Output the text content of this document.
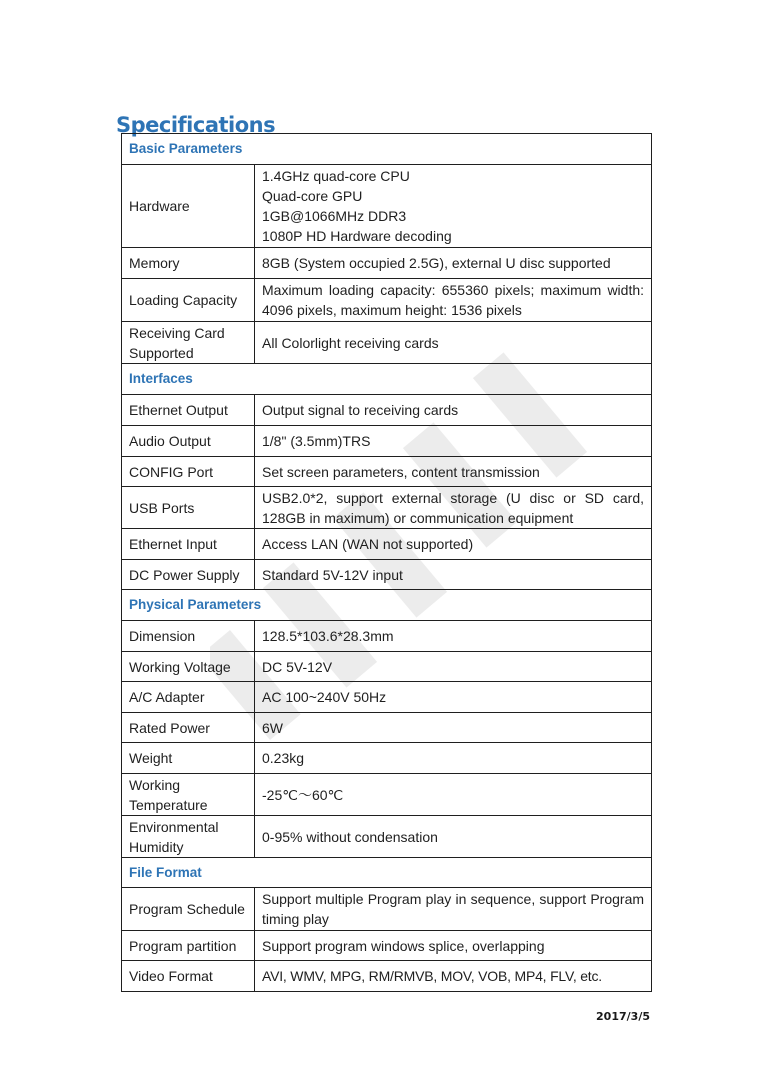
Specifications
Basic Parameters	
Hardware	1.4GHz quad-core CPU
Quad-core GPU
1GB@1066MHz DDR3
1080P HD Hardware decoding

Memory	8GB (System occupied 2.5G), external U disc supported
Loading Capacity	Maximum loading capacity: 655360 pixels; maximum width: 4096 pixels, maximum height: 1536 pixels
Receiving Card Supported	All Colorlight receiving cards
Interfaces	
Ethernet Output	Output signal to receiving cards
Audio Output	1/8" (3.5mm)TRS
CONFIG Port	Set screen parameters, content transmission
USB Ports	USB2.0*2, support external storage (U disc or SD card, 128GB in maximum) or communication equipment
Ethernet Input	Access LAN (WAN not supported)
DC Power Supply	Standard 5V-12V input
Physical Parameters	
Dimension	128.5*103.6*28.3mm
Working Voltage	DC 5V-12V
A/C Adapter	AC 100~240V 50Hz
Rated Power	6W
Weight	0.23kg
Working Temperature	-25℃～60℃
Environmental Humidity	0-95% without condensation
File Format	
Program Schedule	Support multiple Program play in sequence, support Program timing play
Program partition	Support program windows splice, overlapping
Video Format	AVI, WMV, MPG, RM/RMVB, MOV, VOB, MP4, FLV, etc.
2017/3/5
